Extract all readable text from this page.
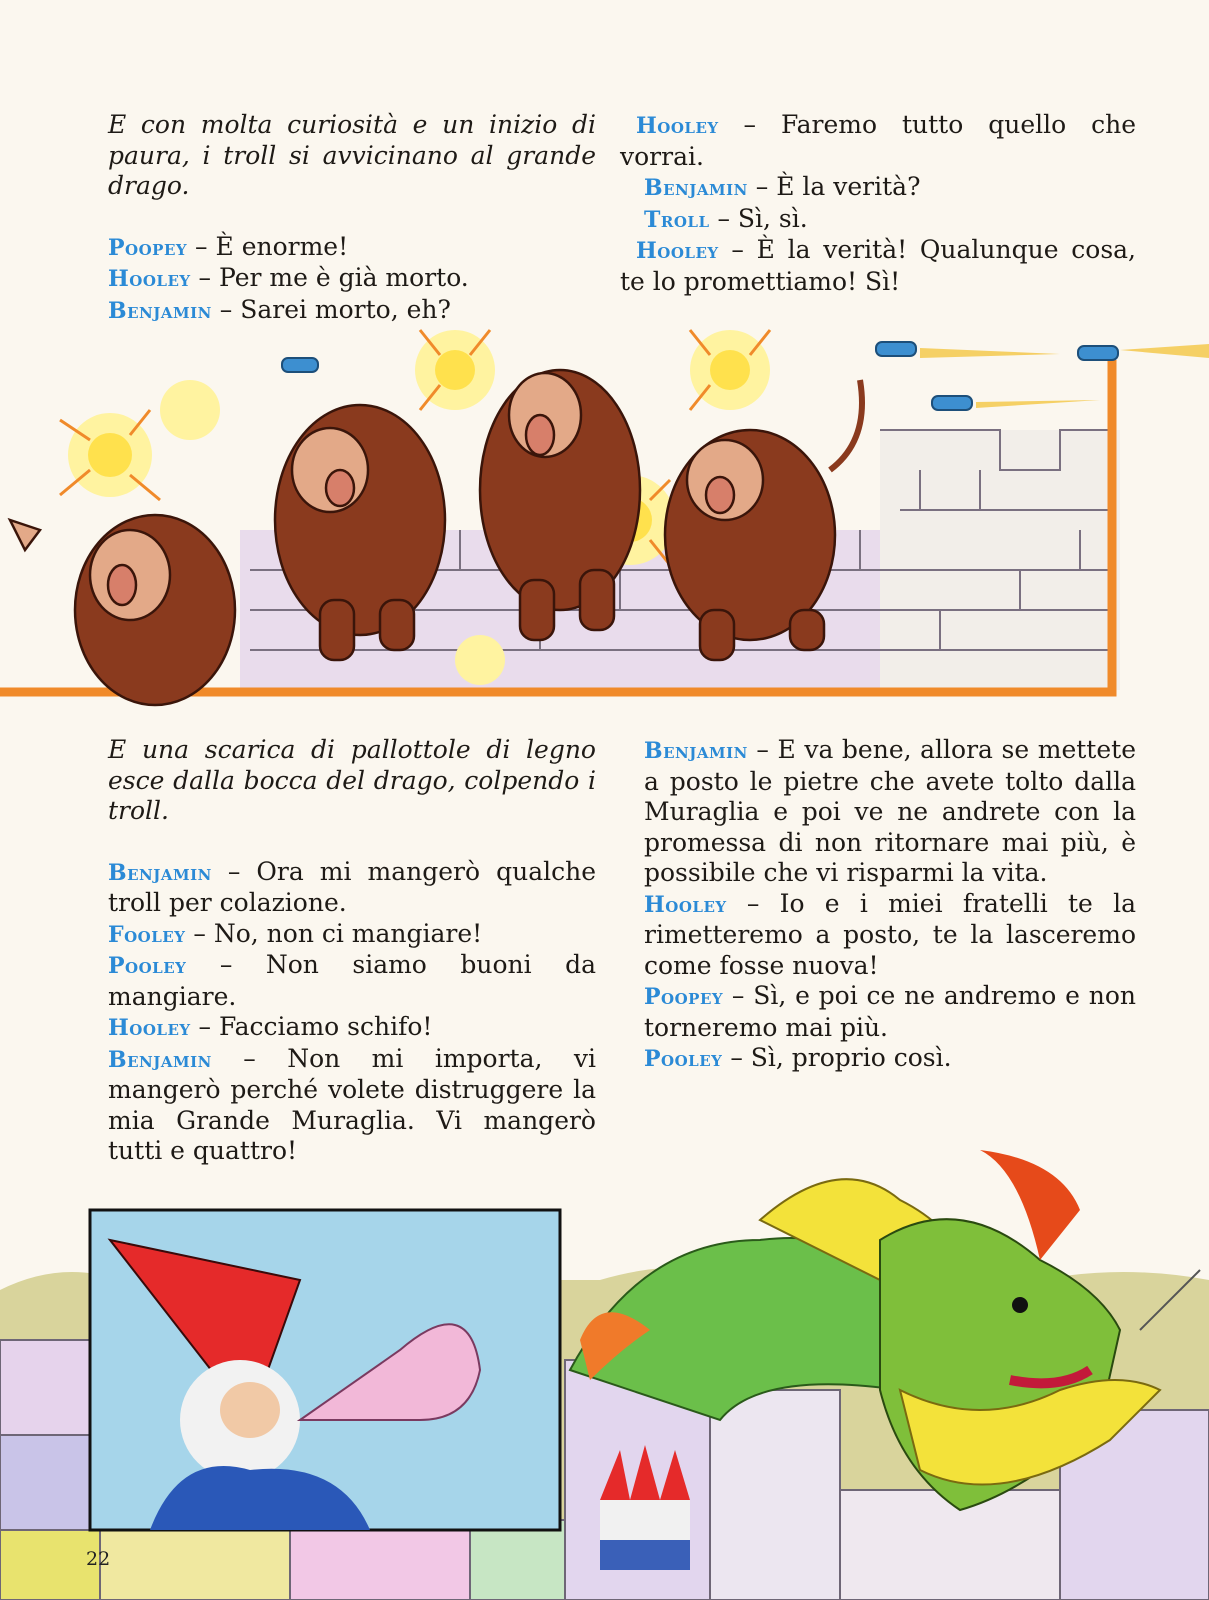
E con molta curiosità e un inizio di paura, i troll si avvicinano al grande drago.

Poopey – È enorme!

Hooley – Per me è già morto.

Benjamin – Sarei morto, eh?

Hooley – Faremo tutto quello che vorrai.

Benjamin – È la verità?

Troll – Sì, sì.

Hooley – È la verità! Qualunque cosa, te lo promettiamo! Sì!

E una scarica di pallottole di legno esce dalla bocca del drago, colpendo i troll.

Benjamin – Ora mi mangerò qualche troll per colazione.

Fooley – No, non ci mangiare!

Pooley – Non siamo buoni da mangiare.

Hooley – Facciamo schifo!

Benjamin – Non mi importa, vi mangerò perché volete distruggere la mia Grande Muraglia. Vi mangerò tutti e quattro!

Benjamin – E va bene, allora se mettete a posto le pietre che avete tolto dalla Muraglia e poi ve ne andrete con la promessa di non ritornare mai più, è possibile che vi risparmi la vita.

Hooley – Io e i miei fratelli te la rimetteremo a posto, te la lasceremo come fosse nuova!

Poopey – Sì, e poi ce ne andremo e non torneremo mai più.

Pooley – Sì, proprio così.

22
